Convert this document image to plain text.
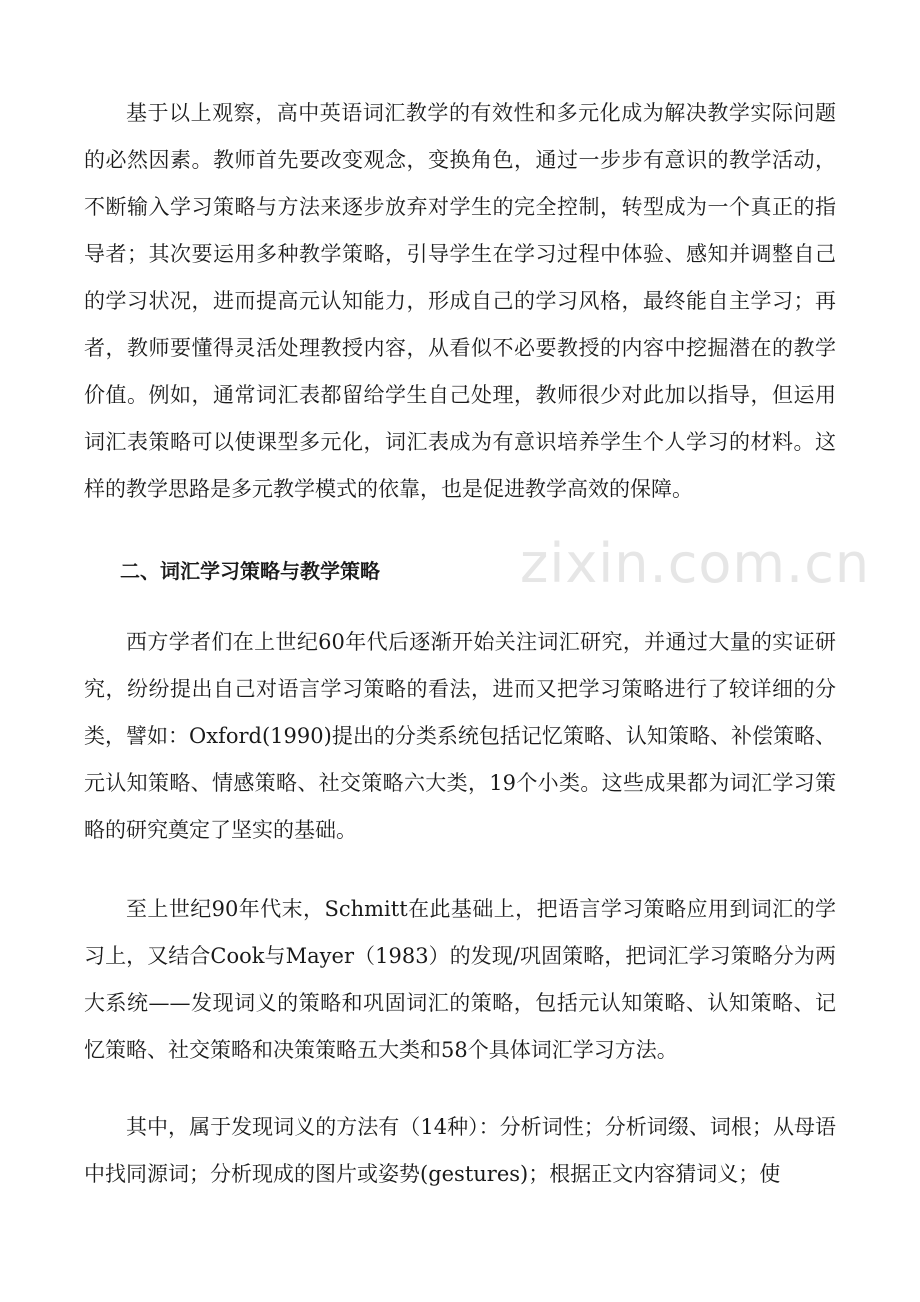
zixin.com.cn

基于以上观察，高中英语词汇教学的有效性和多元化成为解决教学实际问题的必然因素。教师首先要改变观念，变换角色，通过一步步有意识的教学活动，不断输入学习策略与方法来逐步放弃对学生的完全控制，转型成为一个真正的指导者；其次要运用多种教学策略，引导学生在学习过程中体验、感知并调整自己的学习状况，进而提高元认知能力，形成自己的学习风格，最终能自主学习；再者，教师要懂得灵活处理教授内容，从看似不必要教授的内容中挖掘潜在的教学价值。例如，通常词汇表都留给学生自己处理，教师很少对此加以指导，但运用词汇表策略可以使课型多元化，词汇表成为有意识培养学生个人学习的材料。这样的教学思路是多元教学模式的依靠，也是促进教学高效的保障。

二、词汇学习策略与教学策略

西方学者们在上世纪60年代后逐渐开始关注词汇研究，并通过大量的实证研究，纷纷提出自己对语言学习策略的看法，进而又把学习策略进行了较详细的分类，譬如：Oxford(1990)提出的分类系统包括记忆策略、认知策略、补偿策略、元认知策略、情感策略、社交策略六大类，19个小类。这些成果都为词汇学习策略的研究奠定了坚实的基础。

至上世纪90年代末，Schmitt在此基础上，把语言学习策略应用到词汇的学习上，又结合Cook与Mayer（1983）的发现/巩固策略，把词汇学习策略分为两大系统——发现词义的策略和巩固词汇的策略，包括元认知策略、认知策略、记忆策略、社交策略和决策策略五大类和58个具体词汇学习方法。

其中，属于发现词义的方法有（14种）：分析词性；分析词缀、词根；从母语中找同源词；分析现成的图片或姿势(gestures)；根据正文内容猜词义；使
